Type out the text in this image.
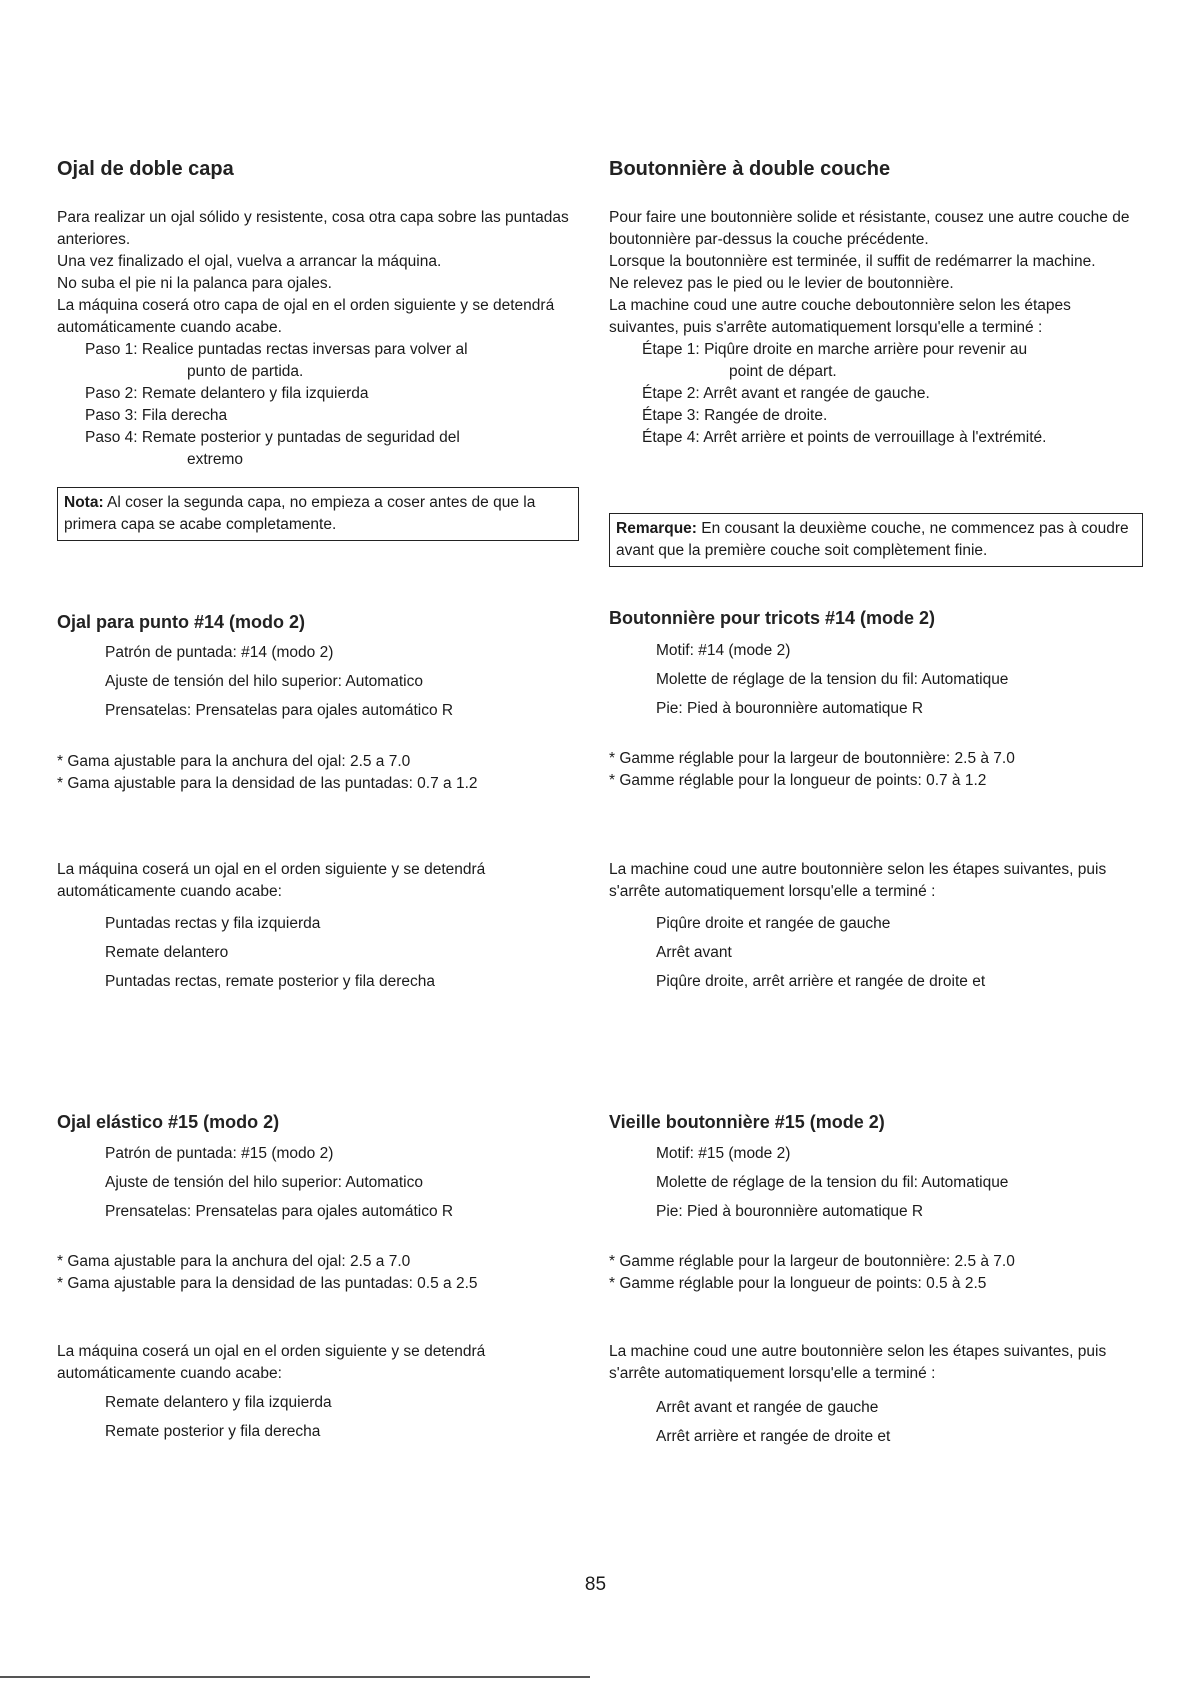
Ojal de doble capa

Para realizar un ojal sólido y resistente, cosa otra capa sobre las puntadas anteriores.

Una vez finalizado el ojal, vuelva a arrancar la máquina.

No suba el pie ni la palanca para ojales.

La máquina coserá otro capa de ojal en el orden siguiente y se detendrá automáticamente cuando acabe.

Paso 1: Realice puntadas rectas inversas para volver al

punto de partida.

Paso 2: Remate delantero y fila izquierda

Paso 3: Fila derecha

Paso 4: Remate posterior y puntadas de seguridad del

extremo

Nota: Al coser la segunda capa, no empieza a coser antes de que la primera capa se acabe completamente.
Ojal para punto #14 (modo 2)

Patrón de puntada: #14 (modo 2)

Ajuste de tensión del hilo superior: Automatico

Prensatelas: Prensatelas para ojales automático R

* Gama ajustable para la anchura del ojal: 2.5 a 7.0

* Gama ajustable para la densidad de las puntadas: 0.7 a 1.2

La máquina coserá un ojal en el orden siguiente y se detendrá automáticamente cuando acabe:

Puntadas rectas y fila izquierda

Remate delantero

Puntadas rectas, remate posterior y fila derecha

Ojal elástico #15 (modo 2)

Patrón de puntada: #15 (modo 2)

Ajuste de tensión del hilo superior: Automatico

Prensatelas: Prensatelas para ojales automático R

* Gama ajustable para la anchura del ojal: 2.5 a 7.0

* Gama ajustable para la densidad de las puntadas: 0.5 a 2.5

La máquina coserá un ojal en el orden siguiente y se detendrá automáticamente cuando acabe:

Remate delantero y fila izquierda

Remate posterior y fila derecha

Boutonnière à double couche

Pour faire une boutonnière solide et résistante, cousez une autre couche de boutonnière par-dessus la couche précédente.

Lorsque la boutonnière est terminée, il suffit de redémarrer la machine.

Ne relevez pas le pied ou le levier de boutonnière.

La machine coud une autre couche deboutonnière selon les étapes suivantes, puis s'arrête automatiquement lorsqu'elle a terminé :

Étape 1: Piqûre droite en marche arrière pour revenir au

point de départ.

Étape 2: Arrêt avant et rangée de gauche.

Étape 3: Rangée de droite.

Étape 4: Arrêt arrière et points de verrouillage à l'extrémité.

Remarque: En cousant la deuxième couche, ne commencez pas à coudre avant que la première couche soit complètement finie.
Boutonnière pour tricots #14 (mode 2)

Motif: #14 (mode 2)

Molette de réglage de la tension du fil: Automatique

Pie: Pied à bouronnière automatique R

* Gamme réglable pour la largeur de boutonnière: 2.5 à 7.0

* Gamme réglable pour la longueur de points: 0.7 à 1.2

La machine coud une autre boutonnière selon les étapes suivantes, puis s'arrête automatiquement lorsqu'elle a terminé :

Piqûre droite et rangée de gauche

Arrêt avant

Piqûre droite, arrêt arrière et rangée de droite et

Vieille boutonnière #15 (mode 2)

Motif: #15 (mode 2)

Molette de réglage de la tension du fil: Automatique

Pie: Pied à bouronnière automatique R

* Gamme réglable pour la largeur de boutonnière: 2.5 à 7.0

* Gamme réglable pour la longueur de points: 0.5 à 2.5

La machine coud une autre boutonnière selon les étapes suivantes, puis s'arrête automatiquement lorsqu'elle a terminé :

Arrêt avant et rangée de gauche

Arrêt arrière et rangée de droite et

85
